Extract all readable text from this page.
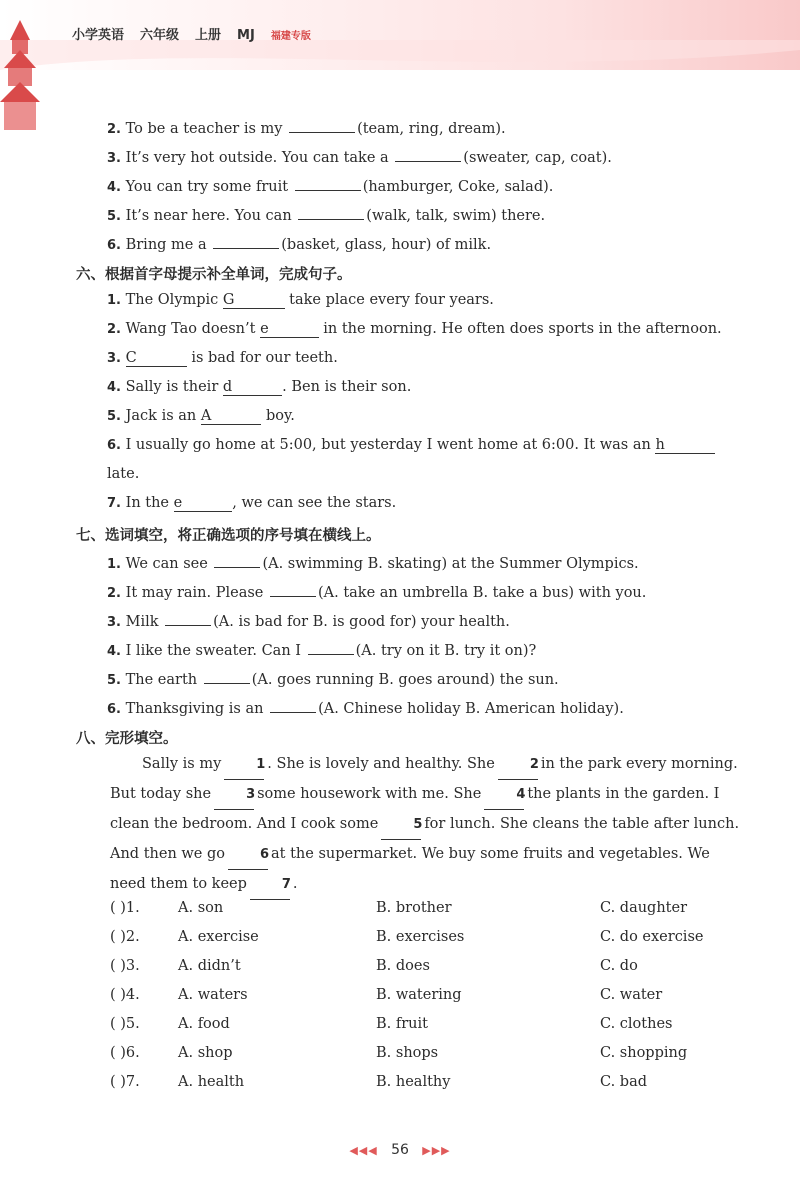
小学英语 六年级 上册 MJ 福建专版
2. To be a teacher is my	(team, ring, dream).
3. It’s very hot outside. You can take a	(sweater, cap, coat).
4. You can try some fruit	(hamburger, Coke, salad).
5. It’s near here. You can	(walk, talk, swim) there.
6. Bring me a	(basket, glass, hour) of milk.
六、根据首字母提示补全单词，完成句子。
1. The Olympic G	take place every four years.
2. Wang Tao doesn’t e	in the morning. He often does sports in the afternoon.
3. C	is bad for our teeth.
4. Sally is their d	. Ben is their son.
5. Jack is an A	boy.
6. I usually go home at 5:00, but yesterday I went home at 6:00. It was an h
late.
7. In the e	, we can see the stars.
七、选词填空，将正确选项的序号填在横线上。
1. We can see	(A. swimming B. skating) at the Summer Olympics.
2. It may rain. Please	(A. take an umbrella B. take a bus) with you.
3. Milk	(A. is bad for B. is good for) your health.
4. I like the sweater. Can I	(A. try on it B. try it on)?
5. The earth	(A. goes running B. goes around) the sun.
6. Thanksgiving is an	(A. Chinese holiday B. American holiday).
八、完形填空。
Sally is my	1 . She is lovely and healthy. She	2 in the park every morning. But today she	3 some housework with me. She	4 the plants in the garden. I clean the bedroom. And I cook some	5 for lunch. She cleans the table after lunch. And then we go	6 at the supermarket. We buy some fruits and vegetables. We need them to keep	7 .
( )1.	A. son	B. brother	C. daughter
( )2.	A. exercise	B. exercises	C. do exercise
( )3.	A. didn’t	B. does	C. do
( )4.	A. waters	B. watering	C. water
( )5.	A. food	B. fruit	C. clothes
( )6.	A. shop	B. shops	C. shopping
( )7.	A. health	B. healthy	C. bad
◀◀◀ 56 ▶▶▶
